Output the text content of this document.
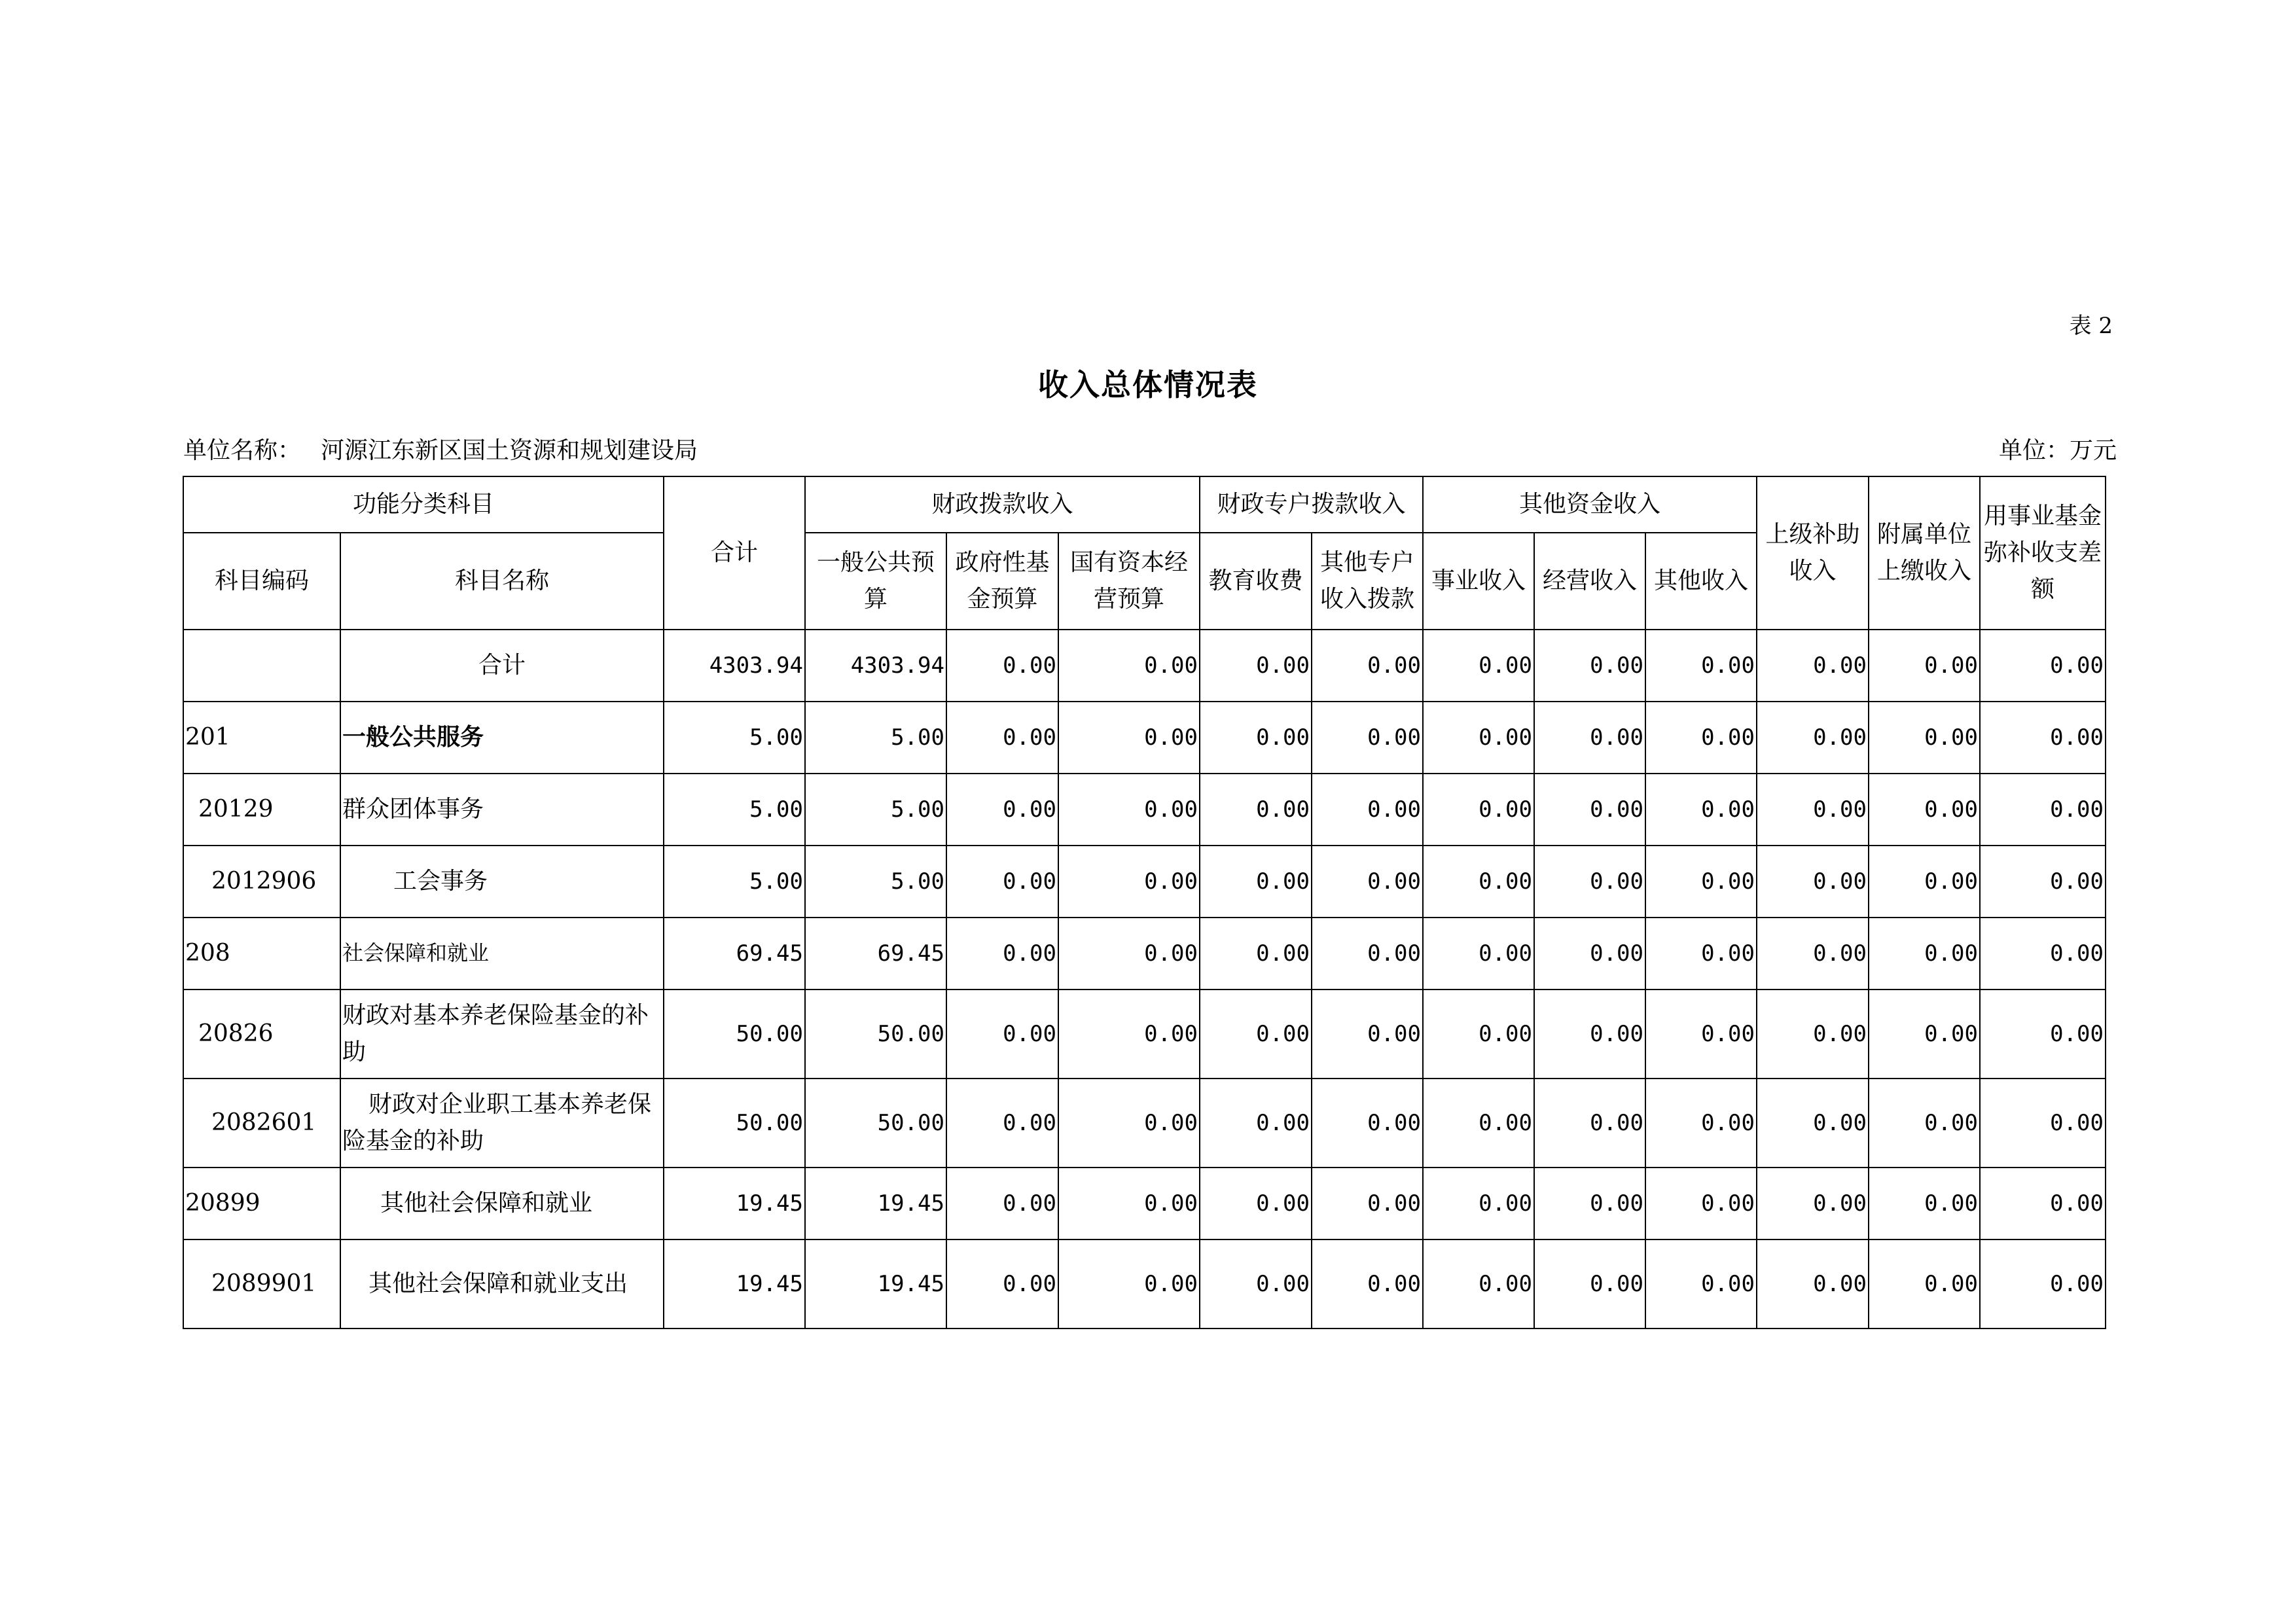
表 2
收入总体情况表
单位名称： 河源江东新区国土资源和规划建设局	单位：万元
功能分类科目		合计	财政拨款收入			财政专户拨款收入		其他资金收入			上级补助收入	附属单位上缴收入	用事业基金弥补收支差额
科目编码	科目名称		一般公共预算	政府性基金预算	国有资本经营预算	教育收费	其他专户收入拨款	事业收入	经营收入	其他收入			
	合计	4303.94	4303.94	0.00	0.00	0.00	0.00	0.00	0.00	0.00	0.00	0.00	0.00
201	一般公共服务	5.00	5.00	0.00	0.00	0.00	0.00	0.00	0.00	0.00	0.00	0.00	0.00
20129	群众团体事务	5.00	5.00	0.00	0.00	0.00	0.00	0.00	0.00	0.00	0.00	0.00	0.00
2012906	工会事务	5.00	5.00	0.00	0.00	0.00	0.00	0.00	0.00	0.00	0.00	0.00	0.00
208	社会保障和就业	69.45	69.45	0.00	0.00	0.00	0.00	0.00	0.00	0.00	0.00	0.00	0.00
20826	财政对基本养老保险基金的补助	50.00	50.00	0.00	0.00	0.00	0.00	0.00	0.00	0.00	0.00	0.00	0.00
2082601	财政对企业职工基本养老保险基金的补助	50.00	50.00	0.00	0.00	0.00	0.00	0.00	0.00	0.00	0.00	0.00	0.00
20899	其他社会保障和就业	19.45	19.45	0.00	0.00	0.00	0.00	0.00	0.00	0.00	0.00	0.00	0.00
2089901	其他社会保障和就业支出	19.45	19.45	0.00	0.00	0.00	0.00	0.00	0.00	0.00	0.00	0.00	0.00
